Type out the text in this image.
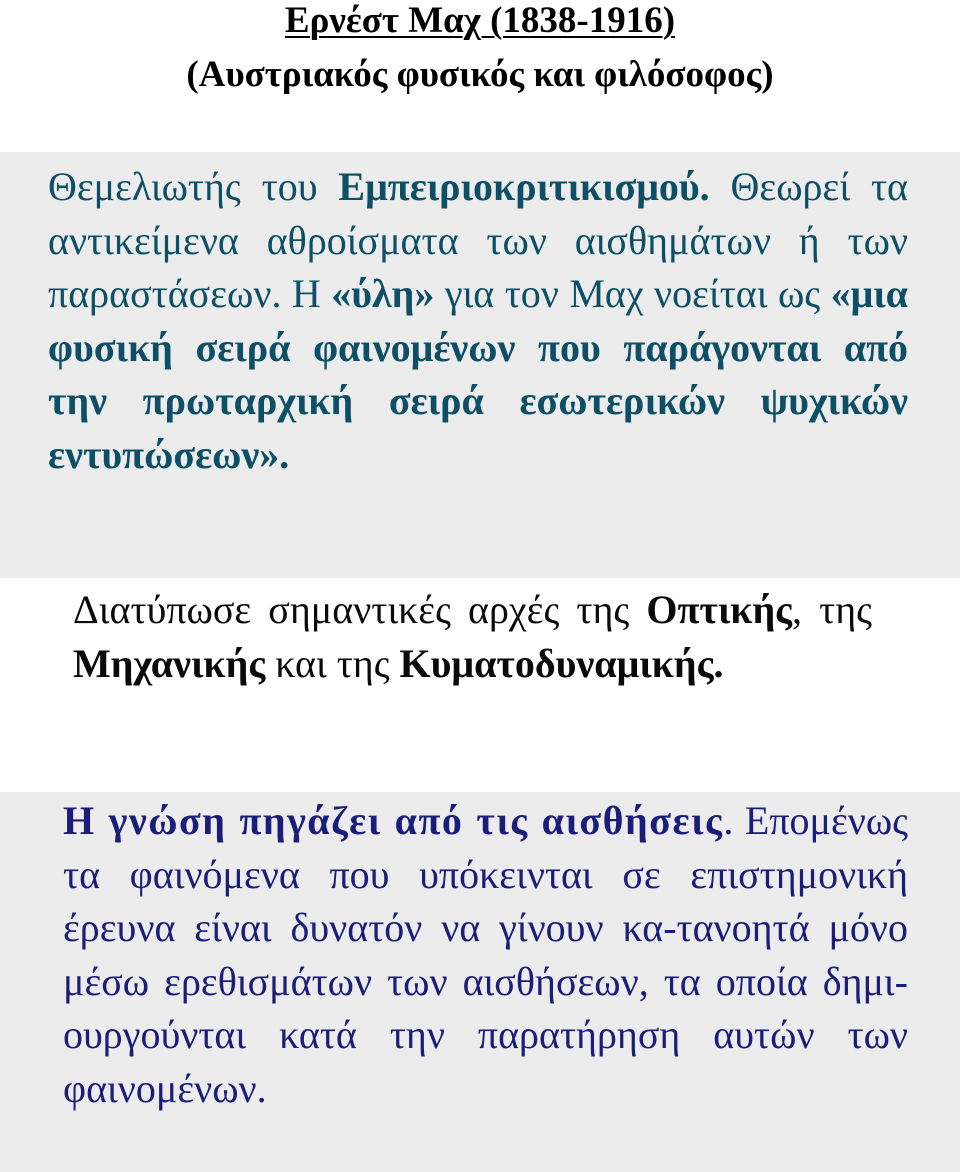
Ερνέστ Μαχ (1838-1916)
(Αυστριακός φυσικός και φιλόσοφος)

Θεμελιωτής του Εμπειριοκριτικισμού. Θεωρεί τα αντικείμενα αθροίσματα των αισθημάτων ή των παραστάσεων. Η «ύλη» για τον Μαχ νοείται ως «μια φυσική σειρά φαινομένων που παράγονται από την πρωταρχική σειρά εσωτερικών ψυχικών εντυπώσεων».

Διατύπωσε σημαντικές αρχές της Οπτικής, της Μηχανικής και της Κυματοδυναμικής.

Η γνώση πηγάζει από τις αισθήσεις. Επομένως τα φαινόμενα που υπόκεινται σε επιστημονική έρευνα είναι δυνατόν να γίνουν κα-τανοητά μόνο μέσω ερεθισμάτων των αισθήσεων, τα οποία δημι-ουργούνται κατά την παρατήρηση αυτών των φαινομένων.
